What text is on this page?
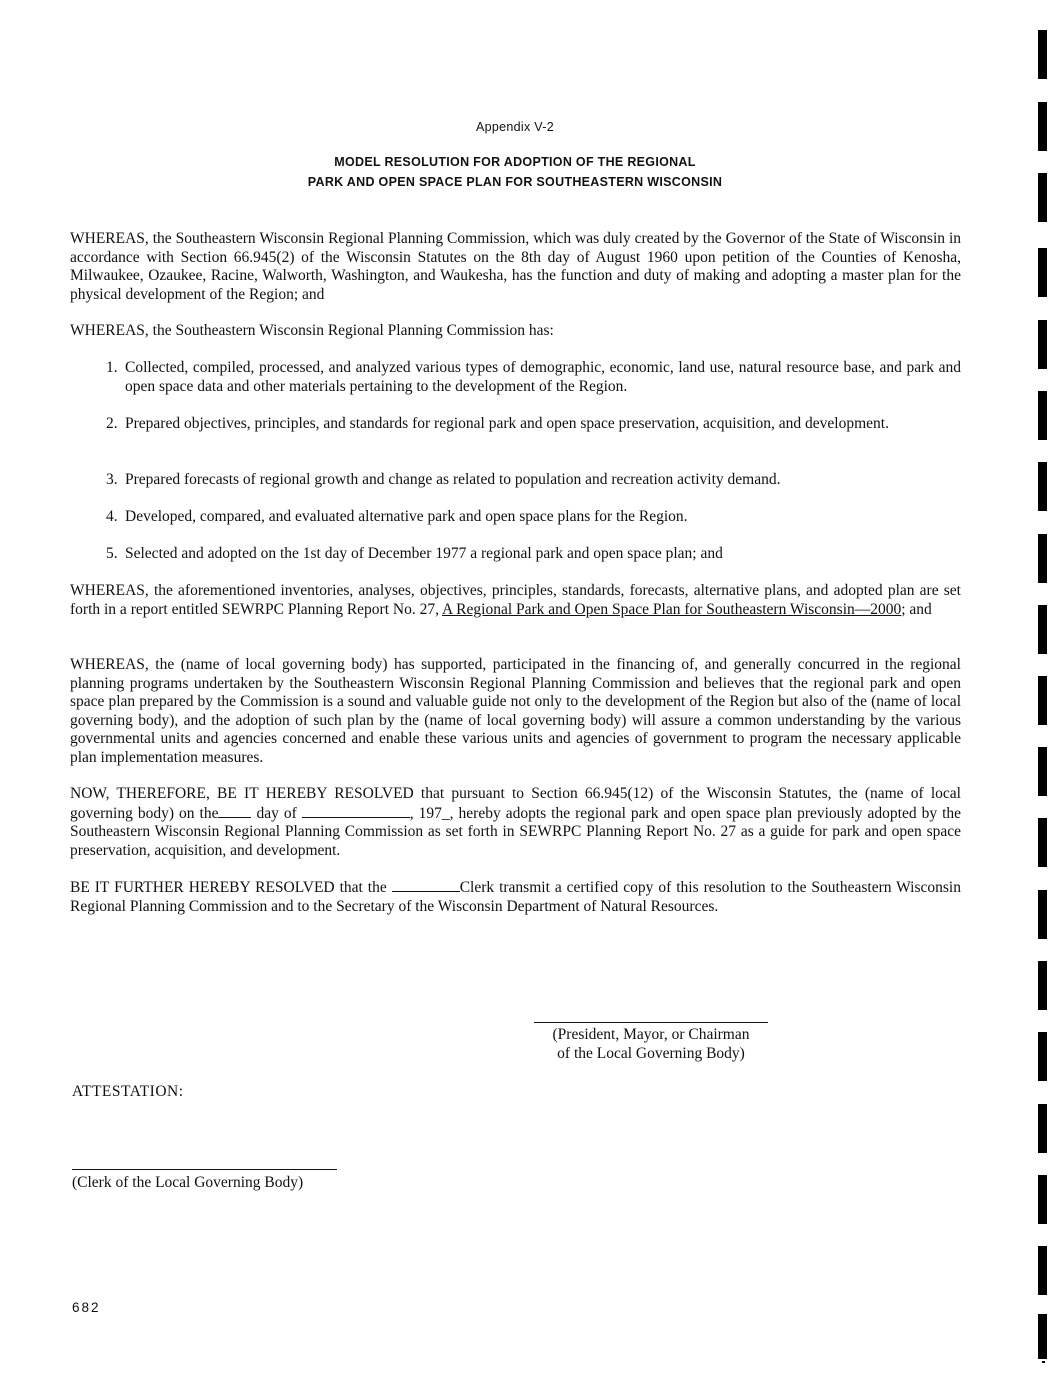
Appendix V-2
MODEL RESOLUTION FOR ADOPTION OF THE REGIONAL
PARK AND OPEN SPACE PLAN FOR SOUTHEASTERN WISCONSIN
WHEREAS, the Southeastern Wisconsin Regional Planning Commission, which was duly created by the Governor of the State of Wisconsin in accordance with Section 66.945(2) of the Wisconsin Statutes on the 8th day of August 1960 upon petition of the Counties of Kenosha, Milwaukee, Ozaukee, Racine, Walworth, Washington, and Waukesha, has the function and duty of making and adopting a master plan for the physical development of the Region; and
WHEREAS, the Southeastern Wisconsin Regional Planning Commission has:
1. Collected, compiled, processed, and analyzed various types of demographic, economic, land use, natural resource base, and park and open space data and other materials pertaining to the development of the Region.
2. Prepared objectives, principles, and standards for regional park and open space preservation, acquisition, and development.
3. Prepared forecasts of regional growth and change as related to population and recreation activity demand.
4. Developed, compared, and evaluated alternative park and open space plans for the Region.
5. Selected and adopted on the 1st day of December 1977 a regional park and open space plan; and
WHEREAS, the aforementioned inventories, analyses, objectives, principles, standards, forecasts, alternative plans, and adopted plan are set forth in a report entitled SEWRPC Planning Report No. 27, A Regional Park and Open Space Plan for Southeastern Wisconsin—2000; and
WHEREAS, the (name of local governing body) has supported, participated in the financing of, and generally concurred in the regional planning programs undertaken by the Southeastern Wisconsin Regional Planning Commission and believes that the regional park and open space plan prepared by the Commission is a sound and valuable guide not only to the development of the Region but also of the (name of local governing body), and the adoption of such plan by the (name of local governing body) will assure a common understanding by the various governmental units and agencies concerned and enable these various units and agencies of government to program the necessary applicable plan implementation measures.
NOW, THEREFORE, BE IT HEREBY RESOLVED that pursuant to Section 66.945(12) of the Wisconsin Statutes, the (name of local governing body) on the day of	, 197_, hereby adopts the regional park and open space plan previously adopted by the Southeastern Wisconsin Regional Planning Commission as set forth in SEWRPC Planning Report No. 27 as a guide for park and open space preservation, acquisition, and development.
BE IT FURTHER HEREBY RESOLVED that the	Clerk transmit a certified copy of this resolution to the Southeastern Wisconsin Regional Planning Commission and to the Secretary of the Wisconsin Department of Natural Resources.
(President, Mayor, or Chairman
of the Local Governing Body)
ATTESTATION:
(Clerk of the Local Governing Body)
682
